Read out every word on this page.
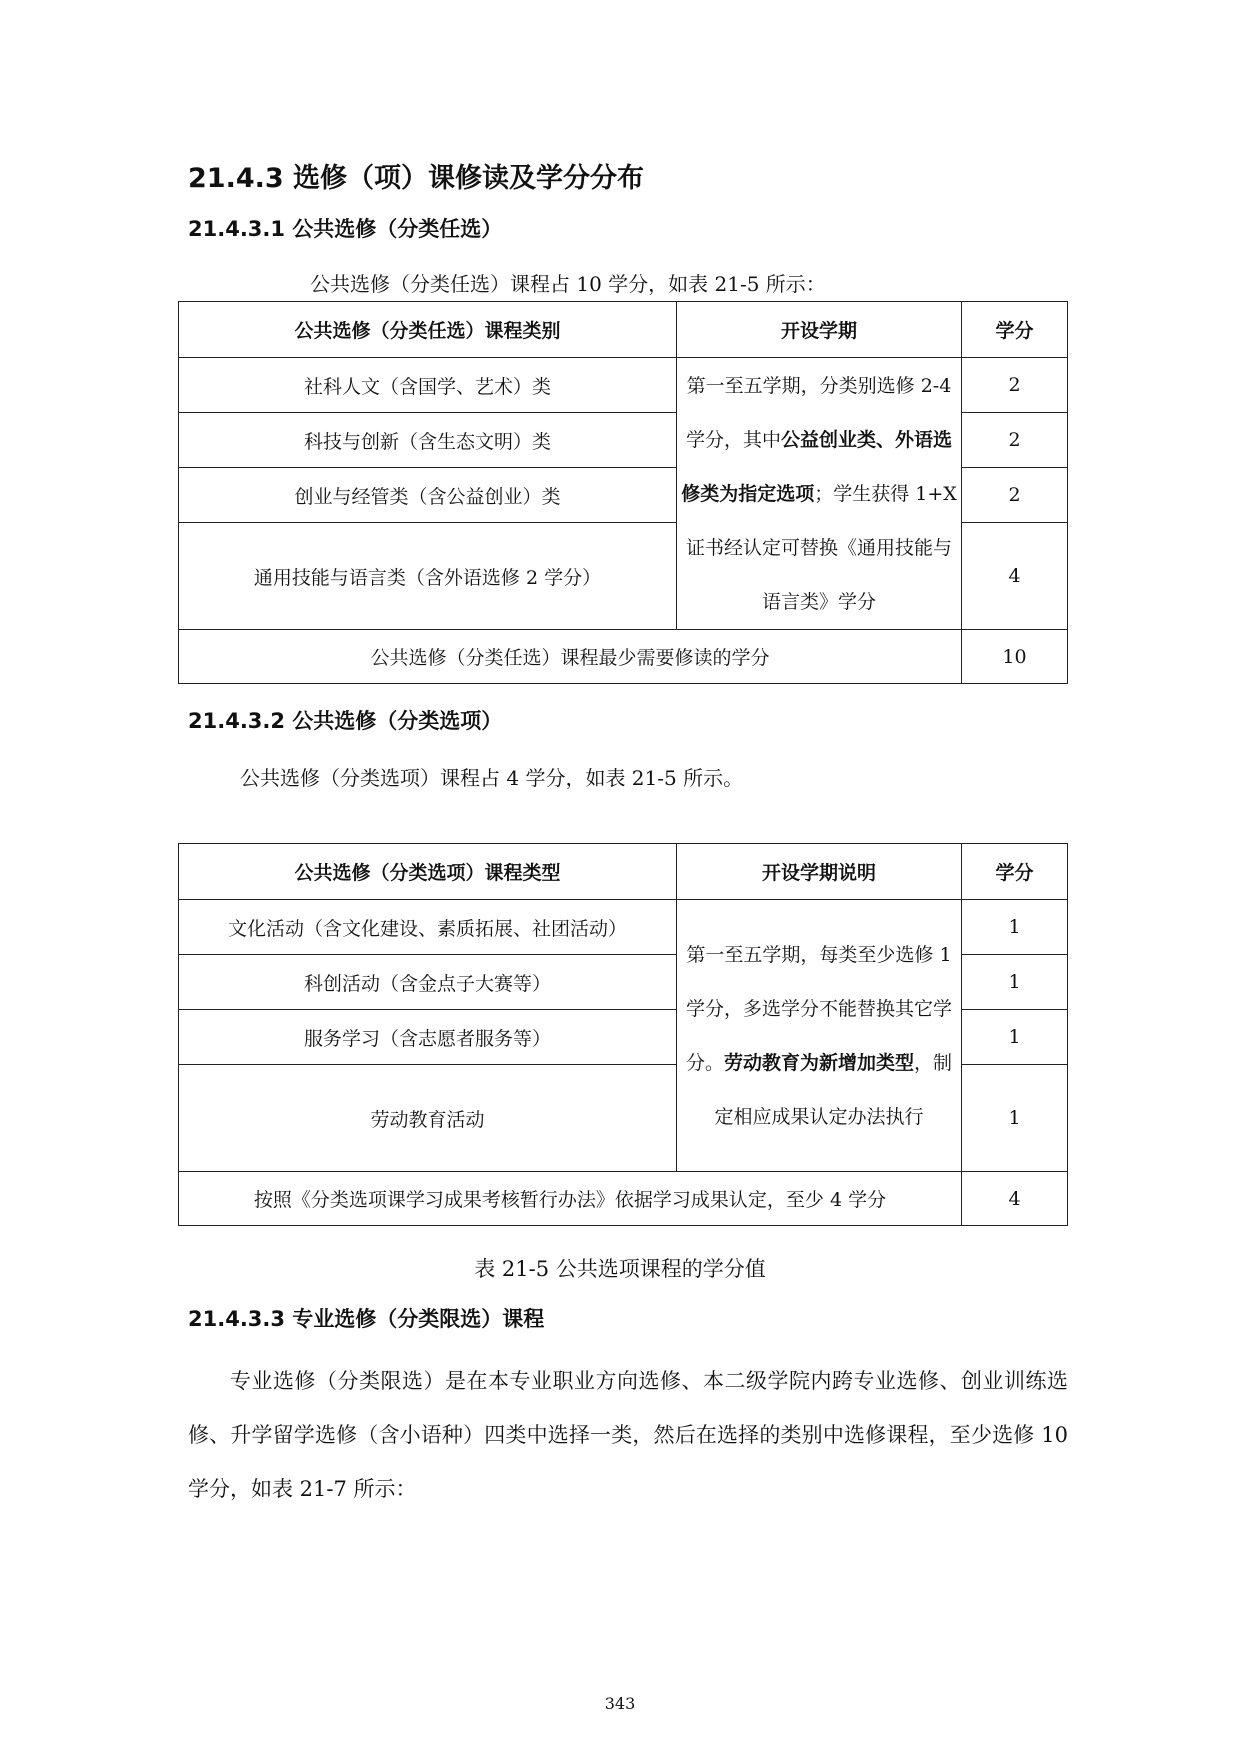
21.4.3 选修（项）课修读及学分分布
21.4.3.1 公共选修（分类任选）
公共选修（分类任选）课程占 10 学分，如表 21-5 所示：
公共选修（分类任选）课程类别	开设学期	学分
社科人文（含国学、艺术）类	第一至五学期，分类别选修 2-4 学分，其中公益创业类、外语选修类为指定选项；学生获得 1+X 证书经认定可替换《通用技能与语言类》学分	2
科技与创新（含生态文明）类		2
创业与经管类（含公益创业）类		2
通用技能与语言类（含外语选修 2 学分）		4
公共选修（分类任选）课程最少需要修读的学分		10
21.4.3.2 公共选修（分类选项）
公共选修（分类选项）课程占 4 学分，如表 21-5 所示。
公共选修（分类选项）课程类型	开设学期说明	学分
文化活动（含文化建设、素质拓展、社团活动）	第一至五学期，每类至少选修 1 学分，多选学分不能替换其它学分。劳动教育为新增加类型，制定相应成果认定办法执行	1
科创活动（含金点子大赛等）		1
服务学习（含志愿者服务等）		1
劳动教育活动		1
按照《分类选项课学习成果考核暂行办法》依据学习成果认定，至少 4 学分		4
表 21-5 公共选项课程的学分值
21.4.3.3 专业选修（分类限选）课程
专业选修（分类限选）是在本专业职业方向选修、本二级学院内跨专业选修、创业训练选修、升学留学选修（含小语种）四类中选择一类，然后在选择的类别中选修课程，至少选修 10 学分，如表 21-7 所示：
343
